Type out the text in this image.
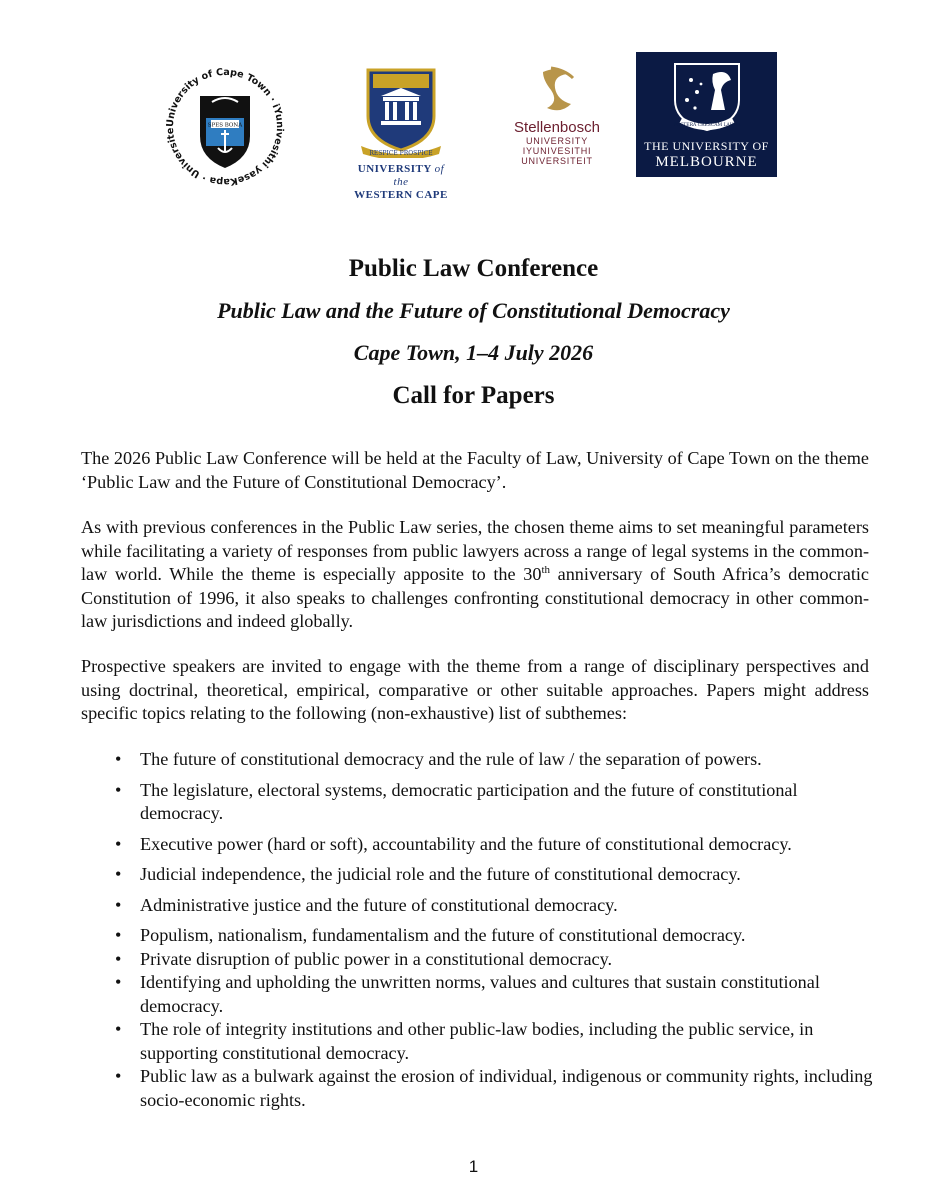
University of Cape Town · iYunivesithi yaseKapa · Universite
SPES BONA
RESPICE PROSPICE
UNIVERSITY of the
WESTERN CAPE
Stellenbosch
UNIVERSITY
IYUNIVESITHI
UNIVERSITEIT
POSTERA CRESCAM LAUDE
THE UNIVERSITY OF
MELBOURNE
Public Law Conference
Public Law and the Future of Constitutional Democracy
Cape Town, 1–4 July 2026
Call for Papers

The 2026 Public Law Conference will be held at the Faculty of Law, University of Cape Town on the theme ‘Public Law and the Future of Constitutional Democracy’.

As with previous conferences in the Public Law series, the chosen theme aims to set meaningful parameters while facilitating a variety of responses from public lawyers across a range of legal systems in the common-law world. While the theme is especially apposite to the 30th anniversary of South Africa’s democratic Constitution of 1996, it also speaks to challenges confronting constitutional democracy in other common-law jurisdictions and indeed globally.

Prospective speakers are invited to engage with the theme from a range of disciplinary perspectives and using doctrinal, theoretical, empirical, comparative or other suitable approaches. Papers might address specific topics relating to the following (non-exhaustive) list of subthemes:

• The future of constitutional democracy and the rule of law / the separation of powers.
• The legislature, electoral systems, democratic participation and the future of constitutional democracy.
• Executive power (hard or soft), accountability and the future of constitutional democracy.
• Judicial independence, the judicial role and the future of constitutional democracy.
• Administrative justice and the future of constitutional democracy.
• Populism, nationalism, fundamentalism and the future of constitutional democracy.
• Private disruption of public power in a constitutional democracy.
• Identifying and upholding the unwritten norms, values and cultures that sustain constitutional democracy.
• The role of integrity institutions and other public-law bodies, including the public service, in supporting constitutional democracy.
• Public law as a bulwark against the erosion of individual, indigenous or community rights, including socio-economic rights.
1
